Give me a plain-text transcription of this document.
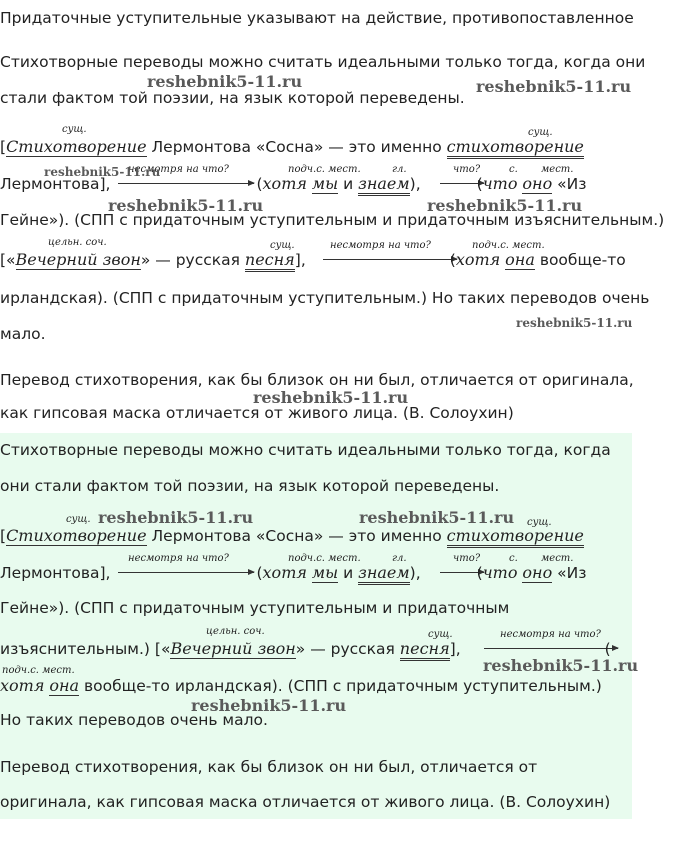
Придаточные уступительные указывают на действие, противопоставленное
Стихотворные переводы можно считать идеальными только тогда, когда они
стали фактом той поэзии, на язык которой переведены.
сущ.	сущ.
[Стихотворение Лермонтова «Сосна» — это именно стихотворение
несмотря на что?	подч.с. мест.	гл.	что?	с. мест.
Лермонтова],	(хотя мы и знаем),	(что оно «Из
Гейне»). (СПП с придаточным уступительным и придаточным изъяснительным.)
цельн. соч.	сущ.	несмотря на что?	подч.с. мест.
[«Вечерний звон» — русская песня],	(хотя она вообще-то
ирландская). (СПП с придаточным уступительным.) Но таких переводов очень
мало.
Перевод стихотворения, как бы близок он ни был, отличается от оригинала,
как гипсовая маска отличается от живого лица. (В. Солоухин)
Стихотворные переводы можно считать идеальными только тогда, когда
они стали фактом той поэзии, на язык которой переведены.
сущ.	сущ.
[Стихотворение Лермонтова «Сосна» — это именно стихотворение
несмотря на что?	подч.с. мест.	гл.	что?	с. мест.
Лермонтова],	(хотя мы и знаем),	(что оно «Из
Гейне»). (СПП с придаточным уступительным и придаточным
цельн. соч.	сущ.	несмотря на что?
изъяснительным.) [«Вечерний звон» — русская песня],	(
подч.с. мест.
хотя она вообще-то ирландская). (СПП с придаточным уступительным.)
Но таких переводов очень мало.
Перевод стихотворения, как бы близок он ни был, отличается от
оригинала, как гипсовая маска отличается от живого лица. (В. Солоухин)
reshebnik5-11.ru	reshebnik5-11.ru
reshebnik5-11.ru
reshebnik5-11.ru	reshebnik5-11.ru
reshebnik5-11.ru
reshebnik5-11.ru
reshebnik5-11.ru	reshebnik5-11.ru
reshebnik5-11.ru
reshebnik5-11.ru
